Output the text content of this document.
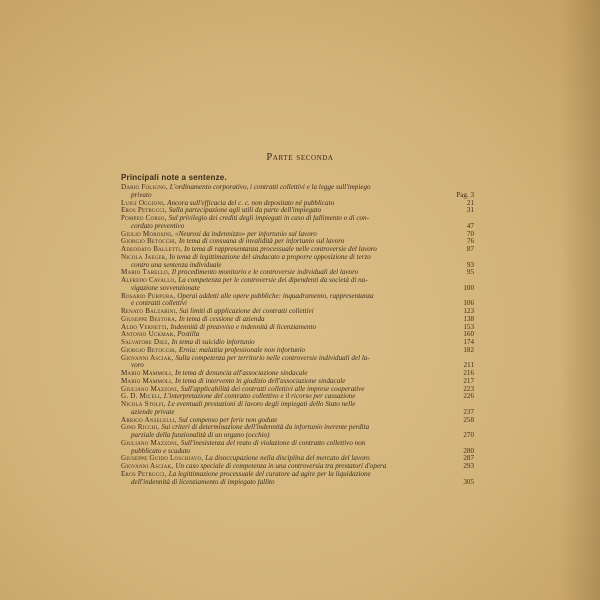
Parte seconda
Principali note a sentenze.
Dario Foligno, L'ordinamento corporativo, i contratti collettivi e la legge sull'impiego
privato	Pag. 3
Luigi Oggioni, Ancora sull'efficacia del c. c. non depositato né pubblicato	21
Eros Petrucci, Sulla partecipazione agli utili da parte dell'impiegato	31
Pompeo Corso, Sul privilegio dei crediti degli impiegati in caso di fallimento o di con-
cordato preventivo	47
Giulio Morosini, «Neurosi da indennizzo» per infortunio sul lavoro	70
Giorgio Betocchi, In tema di consuana di invalidità per infortunio sul lavoro	76
Adeodato Balletti, In tema di rappresentanza processuale nelle controversie del lavoro	87
Nicola Jaeger, In tema di legittimazione del sindacato a proporre opposizione di terzo
contro una sentenza individuale	93
Mario Tarello, Il procedimento monitorio e le controversie individuali del lavoro	95
Alfredo Cavallo, La competenza per le controversie dei dipendenti da società di na-
vigazione sovvenzionate	100
Rosario Purpura, Operai addetti alle opere pubbliche: inquadramento, rappresentanza
e contratti collettivi	106
Renato Balzarini, Sui limiti di applicazione dei contratti collettivi	123
Giuseppe Bestora, In tema di cessione di azienda	138
Aldo Vernetti, Indennità di preavviso e indennità di licenziamento	153
Antonio Uckmar, Postilla	160
Salvatore Diez, In tema di suicidio infortunio	174
Giorgio Betocchi, Ernia: malattia professionale non infortunio	182
Giovanni Asciak, Sulla competenza per territorio nelle controversie individuali del la-
voro	211
Mario Mammoli, In tema di denuncia all'associazione sindacale	216
Mario Mammoli, In tema di intervento in giudizio dell'associazione sindacale	217
Giuliano Mazzoni, Sull'applicabilità dei contratti collettivi alle imprese cooperative	223
G. D. Miceli, L'interpretazione del contratto collettivo e il ricorso per cassazione	226
Nicola Stolfi, Le eventuali prestazioni di lavoro degli impiegati dello Stato nelle
aziende private	237
Arrigo Anselelli, Sul compenso per ferie non godute	258
Gino Ricchi, Sui criteri di determinazione dell'indennità da infortunio inerente perdita
parziale della funzionalità di un organo (occhio)	270
Giuliano Mazzoni, Sull'inesistenza del reato di violazione di contratto collettivo non
pubblicato e scaduto	280
Giuseppe Guido Loschiavo, La disoccupazione nella disciplina del mercato del lavoro	287
Giovanni Asciak, Un caso speciale di competenza in una controversia tra prestatori d'opera	293
Eros Petrucci, La legittimazione processuale del curatore ad agire per la liquidazione
dell'indennità di licenziamento di impiegato fallito	305
